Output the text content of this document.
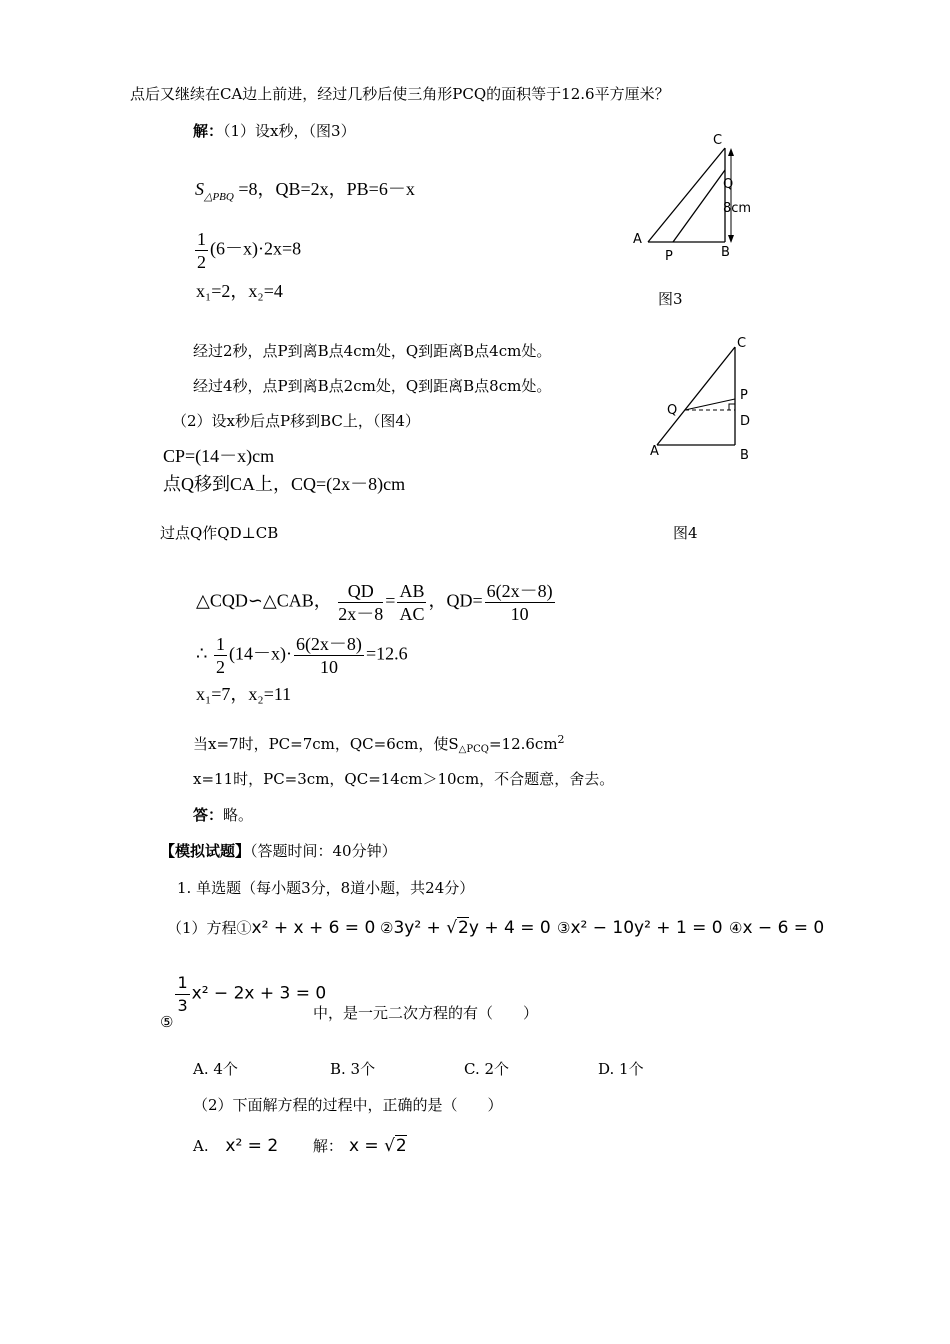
点后又继续在CA边上前进，经过几秒后使三角形PCQ的面积等于12.6平方厘米？
解：（1）设x秒，（图3）
$S_{\triangle PBQ} =8$，QB=2x，PB=6－x
$\frac{1}{2} (6-x)\cdot 2x=8$
x₁=2，x₂=4
经过2秒，点P到离B点4cm处，Q到距离B点4cm处。
经过4秒，点P到离B点2cm处，Q到距离B点8cm处。
（2）设x秒后点P移到BC上，（图4）
CP=(14－x)cm
点Q移到CA上，CQ=(2x－8)cm
过点Q作QD⊥CB
△CQD∽△CAB， $\frac{QD}{2x-8} = \frac{AB}{AC}$ ，$QD= \frac{6(2x-8)}{10}$
∴ $\frac{1}{2} (14-x)\cdot \frac{6(2x-8)}{10} =12.6$
x₁=7，x₂=11
当x=7时，PC=7cm，QC=6cm，使$S_{\triangle PCQ}=12.6cm^2$
x=11时，PC=3cm，QC=14cm＞10cm，不合题意，舍去。
答：略。
【模拟试题】（答题时间：40分钟）
1. 单选题（每小题3分，8道小题，共24分）
（1）方程①x² + x + 6 = 0 ②3y² + √2y + 4 = 0 ③x² − 10y² + 1 = 0 ④x − 6 = 0
⑤
$\frac{1}{3} x^2 - 2x + 3 = 0$
中，是一元二次方程的有（　　）
A. 4个	B. 3个	C. 2个	D. 1个
（2）下面解方程的过程中，正确的是（　　）
A. x² = 2 解： x = √2
C
Q
8cm
A
P	B
图3
C
P
Q
D
A	B
图4
